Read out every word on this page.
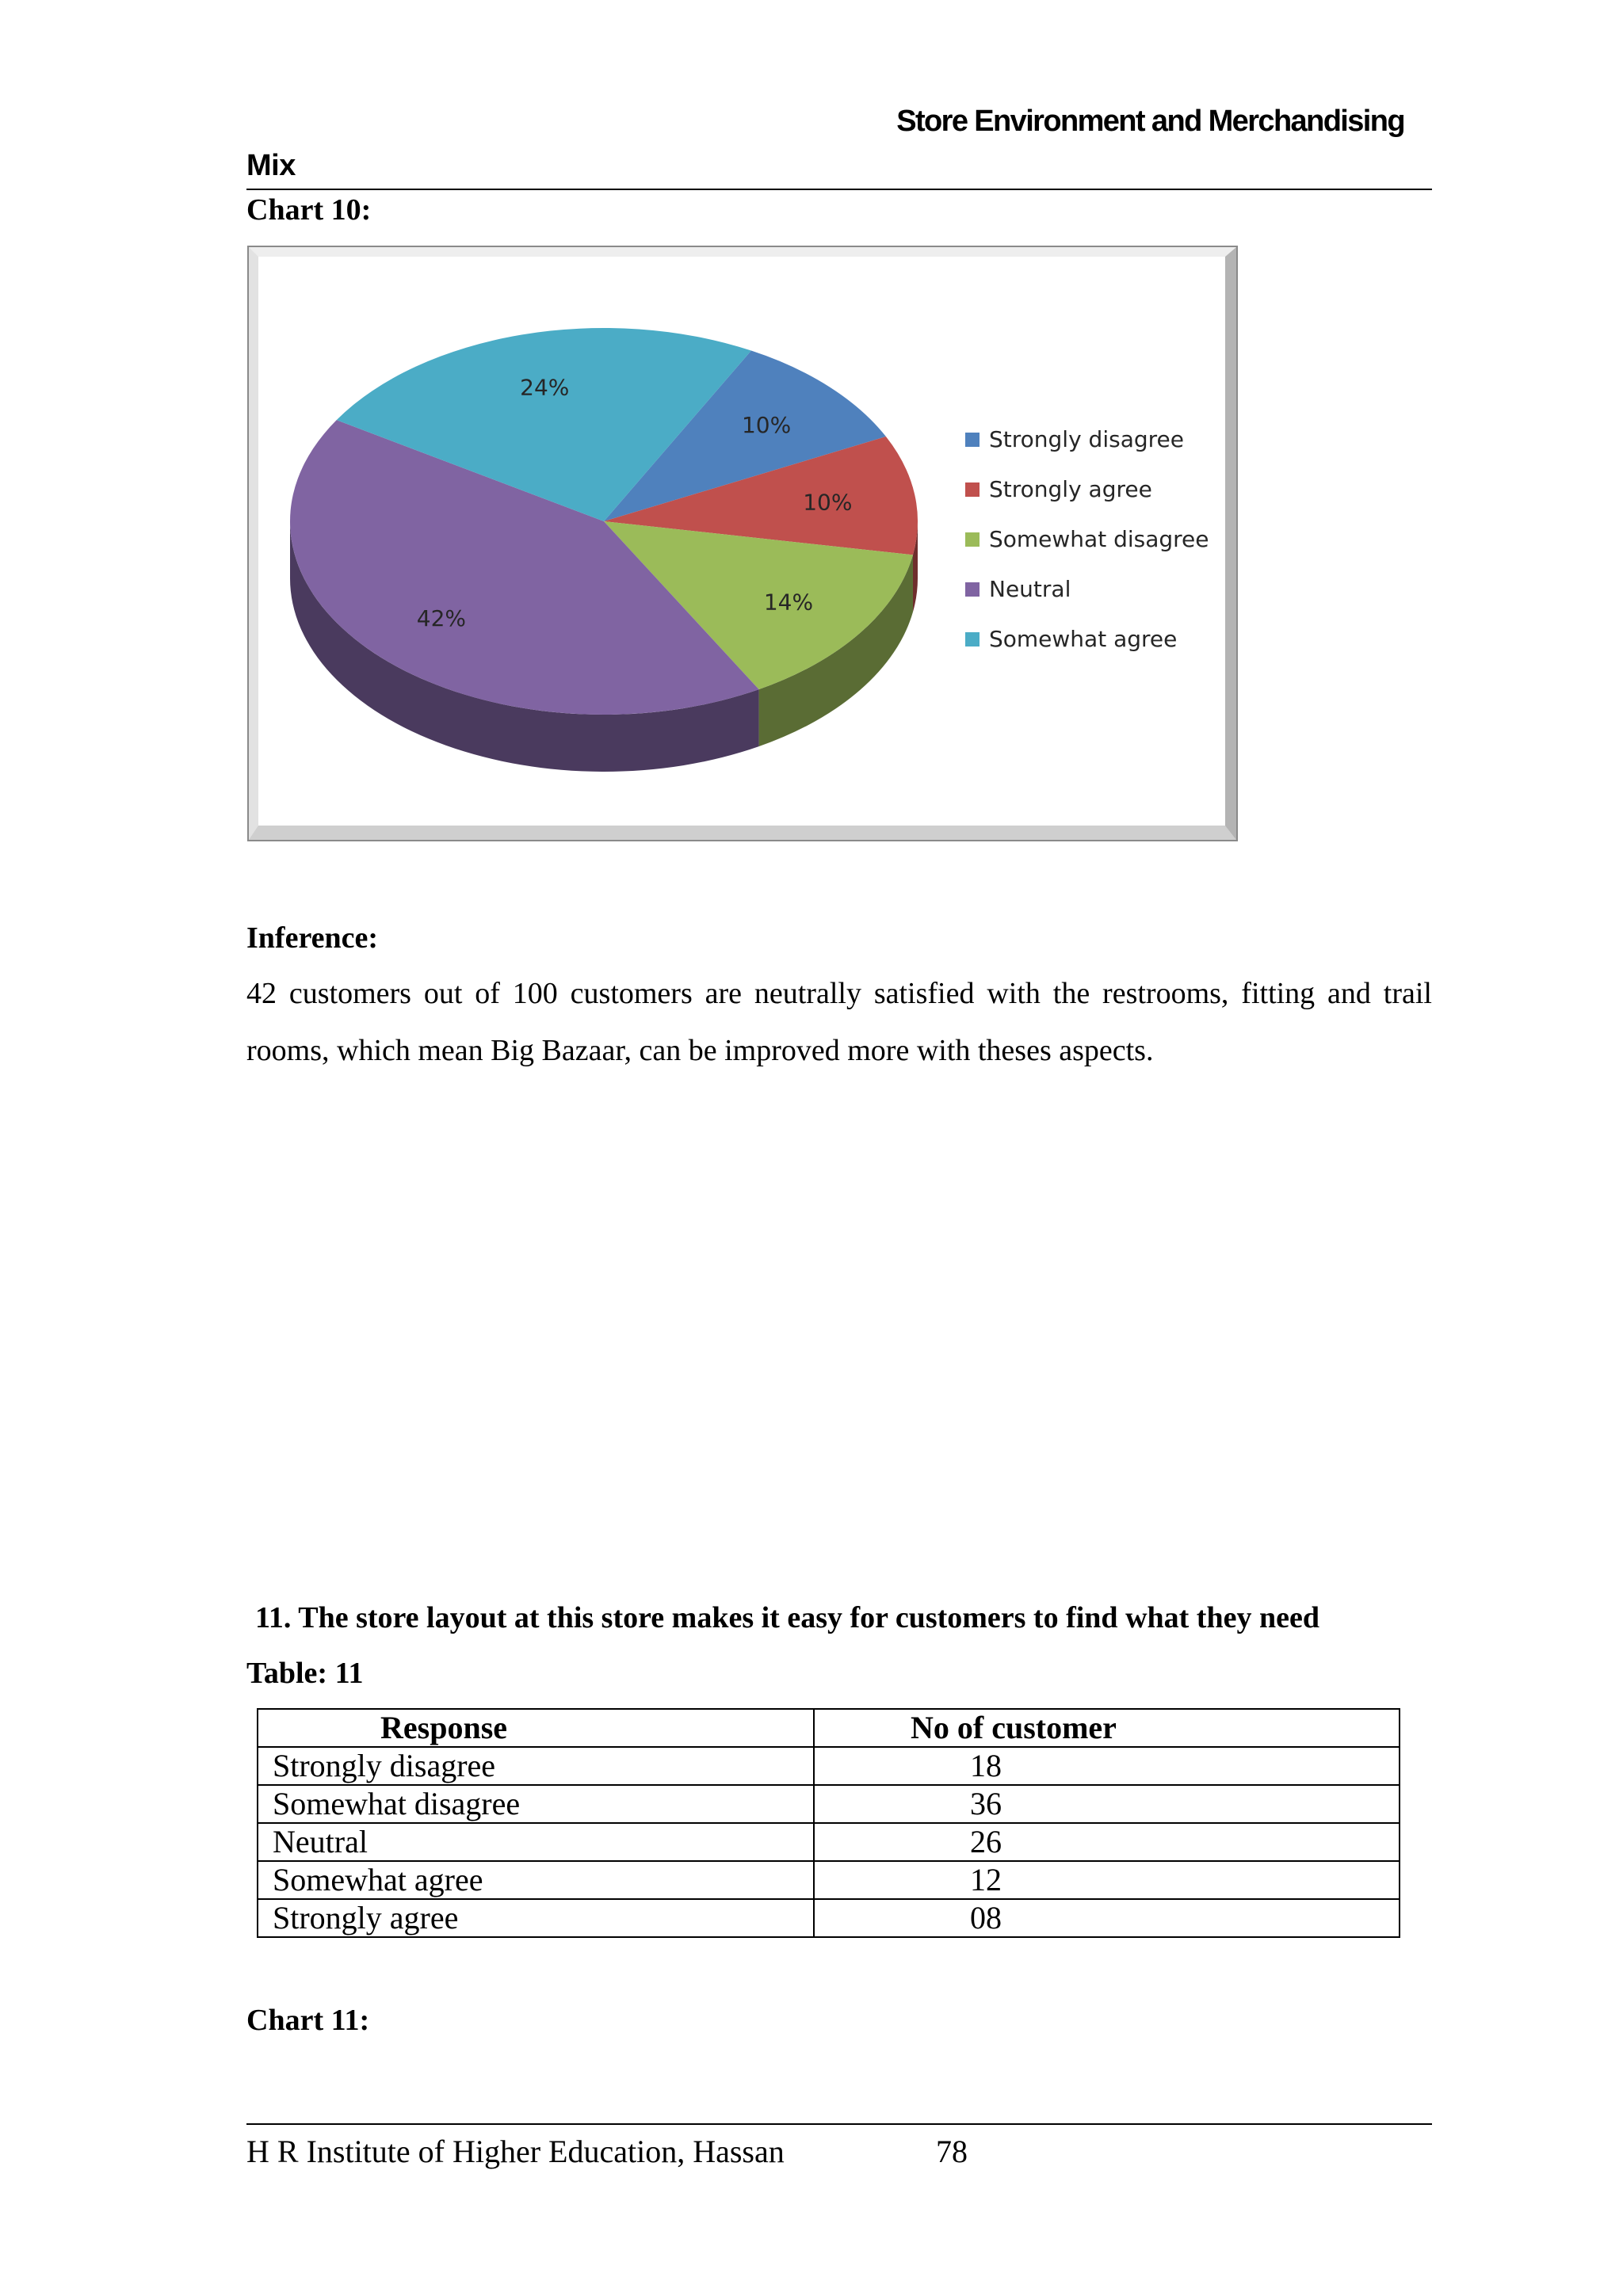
Store Environment and Merchandising
Mix
Chart 10:
10%
10%
14%
42%
24%
Strongly disagree
Strongly agree
Somewhat disagree
Neutral
Somewhat agree
Inference:

42 customers out of 100 customers are neutrally satisfied with the restrooms, fitting and trail rooms, which mean Big Bazaar, can be improved more with theses aspects.

11. The store layout at this store makes it easy for customers to find what they need
Table: 11
Response	No of customer
Strongly disagree	18
Somewhat disagree	36
Neutral	26
Somewhat agree	12
Strongly agree	08
Chart 11:
H R Institute of Higher Education, Hassan	78
